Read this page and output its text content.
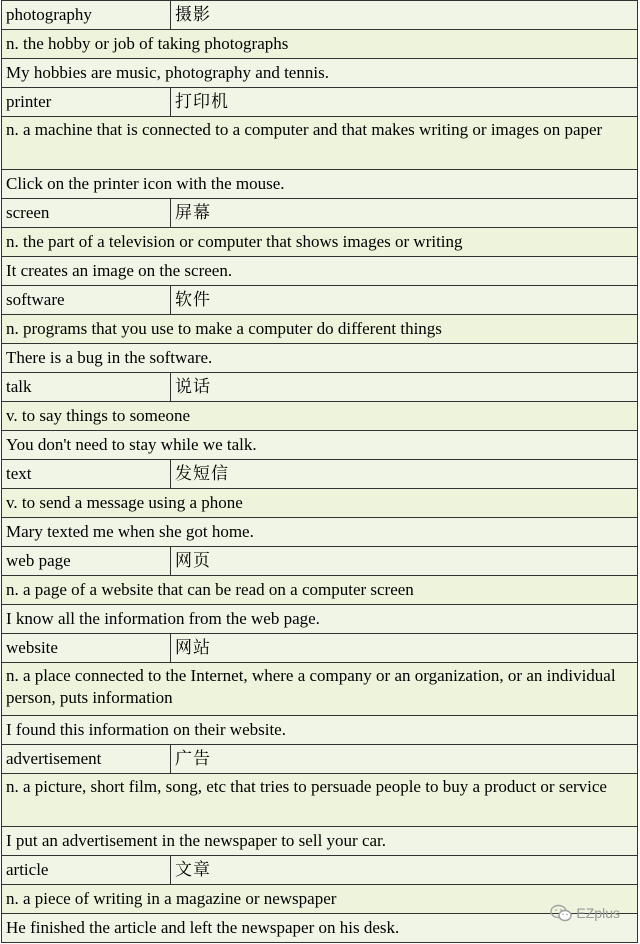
photography	摄影
n. the hobby or job of taking photographs	
My hobbies are music, photography and tennis.	
printer	打印机
n. a machine that is connected to a computer and that makes writing or images on paper	
Click on the printer icon with the mouse.	
screen	屏幕
n. the part of a television or computer that shows images or writing	
It creates an image on the screen.	
software	软件
n. programs that you use to make a computer do different things	
There is a bug in the software.	
talk	说话
v. to say things to someone	
You don't need to stay while we talk.	
text	发短信
v. to send a message using a phone	
Mary texted me when she got home.	
web page	网页
n. a page of a website that can be read on a computer screen	
I know all the information from the web page.	
website	网站
n. a place connected to the Internet, where a company or an organization, or an individual person, puts information	
I found this information on their website.	
advertisement	广告
n. a picture, short film, song, etc that tries to persuade people to buy a product or service	
I put an advertisement in the newspaper to sell your car.	
article	文章
n. a piece of writing in a magazine or newspaper	
He finished the article and left the newspaper on his desk.	
EZplus
